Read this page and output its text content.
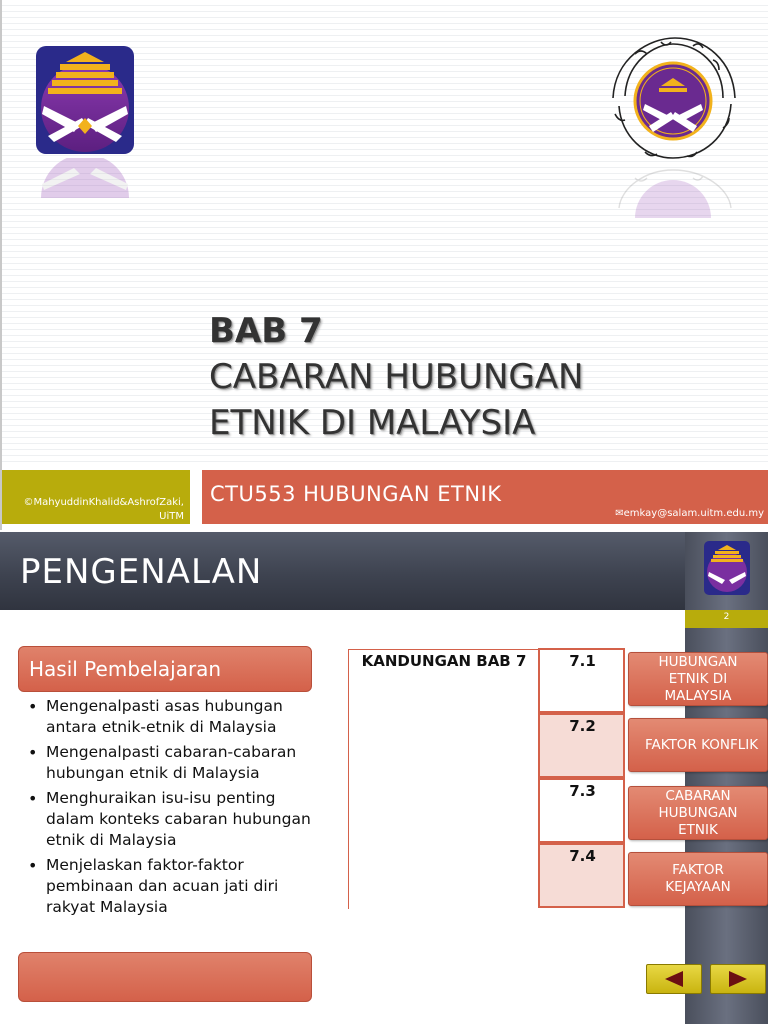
BAB 7
CABARAN HUBUNGAN
ETNIK DI MALAYSIA
©MahyuddinKhalid&AshrofZaki, UiTM
CTU553 HUBUNGAN ETNIK
✉emkay@salam.uitm.edu.my
PENGENALAN
2
Hasil Pembelajaran
• Mengenalpasti asas hubungan antara etnik-etnik di Malaysia
• Mengenalpasti cabaran-cabaran hubungan etnik di Malaysia
• Menghuraikan isu-isu penting dalam konteks cabaran hubungan etnik di Malaysia
• Menjelaskan faktor-faktor pembinaan dan acuan jati diri rakyat Malaysia
KANDUNGAN BAB 7	7.1
7.2
7.3
7.4
HUBUNGAN ETNIK DI MALAYSIA
FAKTOR KONFLIK
CABARAN HUBUNGAN ETNIK
FAKTOR KEJAYAAN
